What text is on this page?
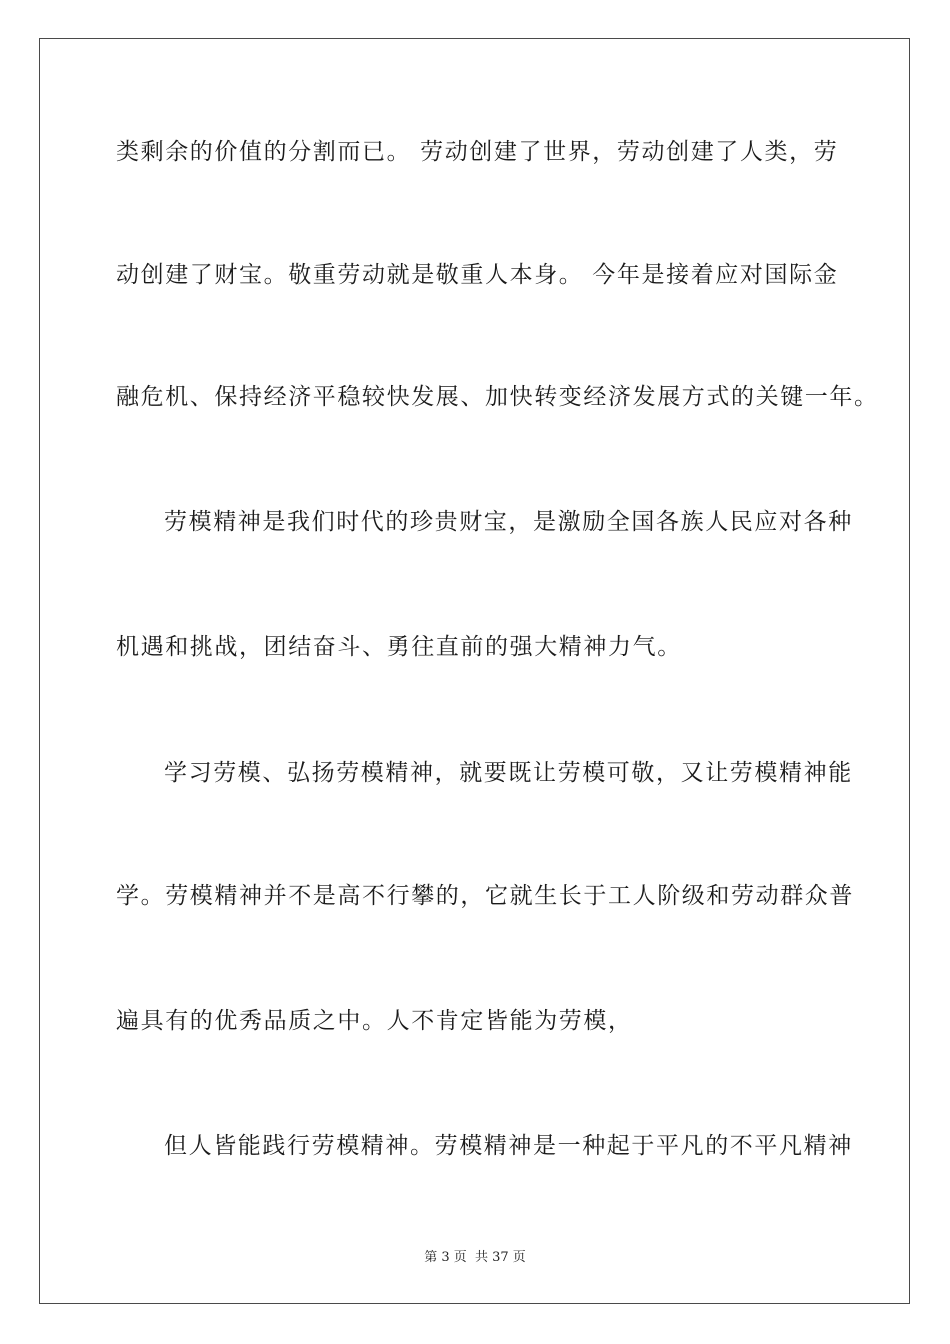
类剩余的价值的分割而已。 劳动创建了世界，劳动创建了人类，劳
动创建了财宝。敬重劳动就是敬重人本身。 今年是接着应对国际金
融危机、保持经济平稳较快发展、加快转变经济发展方式的关键一年。
劳模精神是我们时代的珍贵财宝，是激励全国各族人民应对各种
机遇和挑战，团结奋斗、勇往直前的强大精神力气。
学习劳模、弘扬劳模精神，就要既让劳模可敬，又让劳模精神能
学。劳模精神并不是高不行攀的，它就生长于工人阶级和劳动群众普
遍具有的优秀品质之中。人不肯定皆能为劳模，
但人皆能践行劳模精神。劳模精神是一种起于平凡的不平凡精神
第 3 页 共 37 页
